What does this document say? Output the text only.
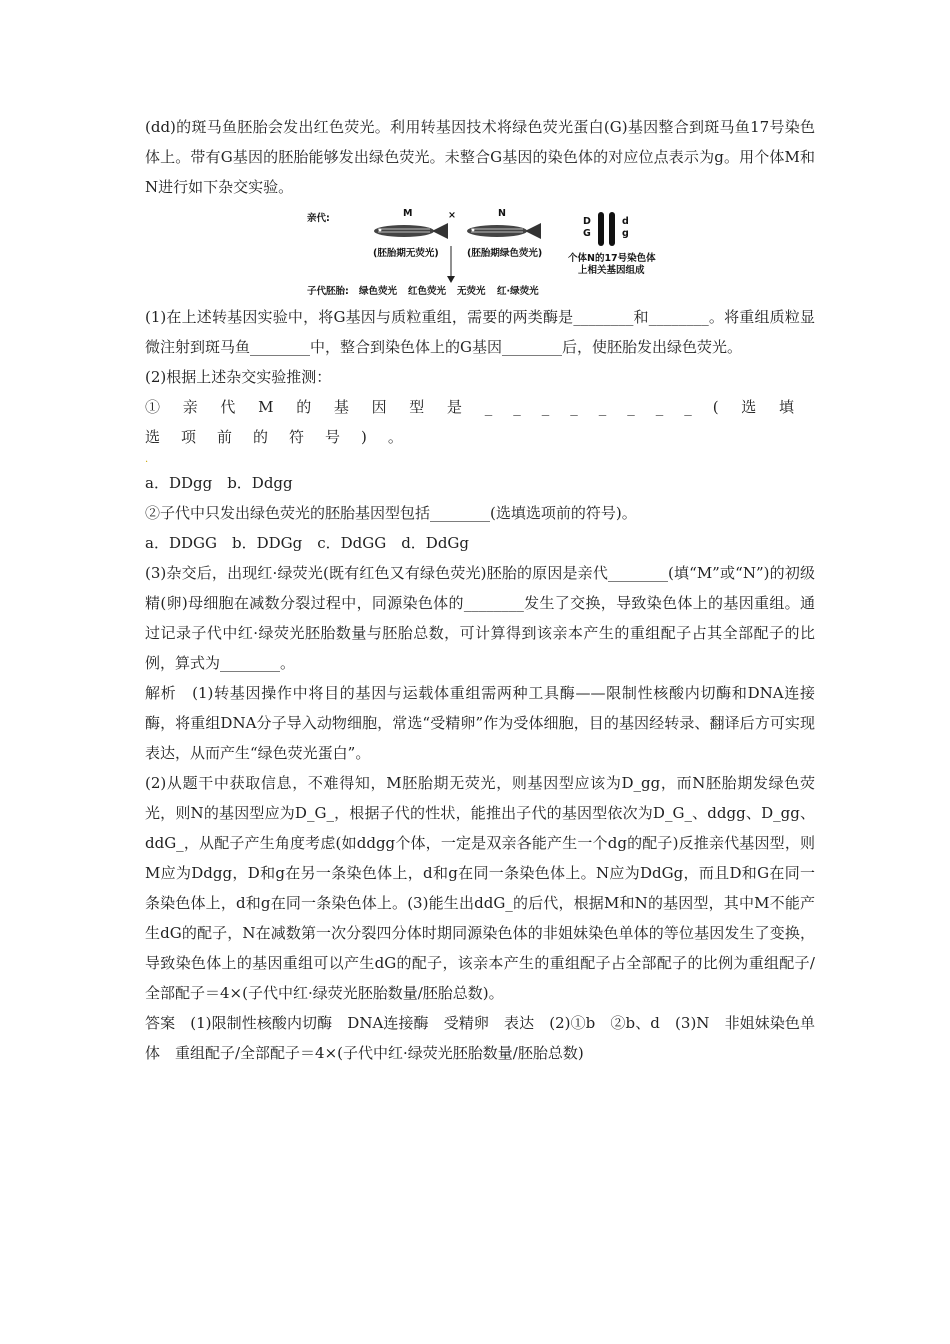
(dd)的斑马鱼胚胎会发出红色荧光。利用转基因技术将绿色荧光蛋白(G)基因整合到斑马鱼17号染色体上。带有G基因的胚胎能够发出绿色荧光。未整合G基因的染色体的对应位点表示为g。用个体M和N进行如下杂交实验。

亲代:	M	×	N
(胚胎期无荧光)	(胚胎期绿色荧光)
D
G
d
g
个体N的17号染色体
上相关基因组成
子代胚胎: 绿色荧光 红色荧光 无荧光 红·绿荧光

(1)在上述转基因实验中，将G基因与质粒重组，需要的两类酶是________和________。将重组质粒显微注射到斑马鱼________中，整合到染色体上的G基因________后，使胚胎发出绿色荧光。

(2)根据上述杂交实验推测：

①亲代M的基因型是________(选填选项前的符号)。

.

a．DDgg　b．Ddgg

②子代中只发出绿色荧光的胚胎基因型包括________(选填选项前的符号)。

a．DDGG　b．DDGg　c．DdGG　d．DdGg

(3)杂交后，出现红·绿荧光(既有红色又有绿色荧光)胚胎的原因是亲代________(填“M”或“N”)的初级精(卵)母细胞在减数分裂过程中，同源染色体的________发生了交换，导致染色体上的基因重组。通过记录子代中红·绿荧光胚胎数量与胚胎总数，可计算得到该亲本产生的重组配子占其全部配子的比例，算式为________。

解析　(1)转基因操作中将目的基因与运载体重组需两种工具酶——限制性核酸内切酶和DNA连接酶，将重组DNA分子导入动物细胞，常选“受精卵”作为受体细胞，目的基因经转录、翻译后方可实现表达，从而产生“绿色荧光蛋白”。

(2)从题干中获取信息，不难得知，M胚胎期无荧光，则基因型应该为D_gg，而N胚胎期发绿色荧光，则N的基因型应为D_G_，根据子代的性状，能推出子代的基因型依次为D_G_、ddgg、D_gg、ddG_，从配子产生角度考虑(如ddgg个体，一定是双亲各能产生一个dg的配子)反推亲代基因型，则M应为Ddgg，D和g在另一条染色体上，d和g在同一条染色体上。N应为DdGg，而且D和G在同一条染色体上，d和g在同一条染色体上。(3)能生出ddG_的后代，根据M和N的基因型，其中M不能产生dG的配子，N在减数第一次分裂四分体时期同源染色体的非姐妹染色单体的等位基因发生了变换，导致染色体上的基因重组可以产生dG的配子，该亲本产生的重组配子占全部配子的比例为重组配子/全部配子＝4×(子代中红·绿荧光胚胎数量/胚胎总数)。

答案　(1)限制性核酸内切酶　DNA连接酶　受精卵　表达　(2)①b　②b、d　(3)N　非姐妹染色单体　重组配子/全部配子＝4×(子代中红·绿荧光胚胎数量/胚胎总数)
